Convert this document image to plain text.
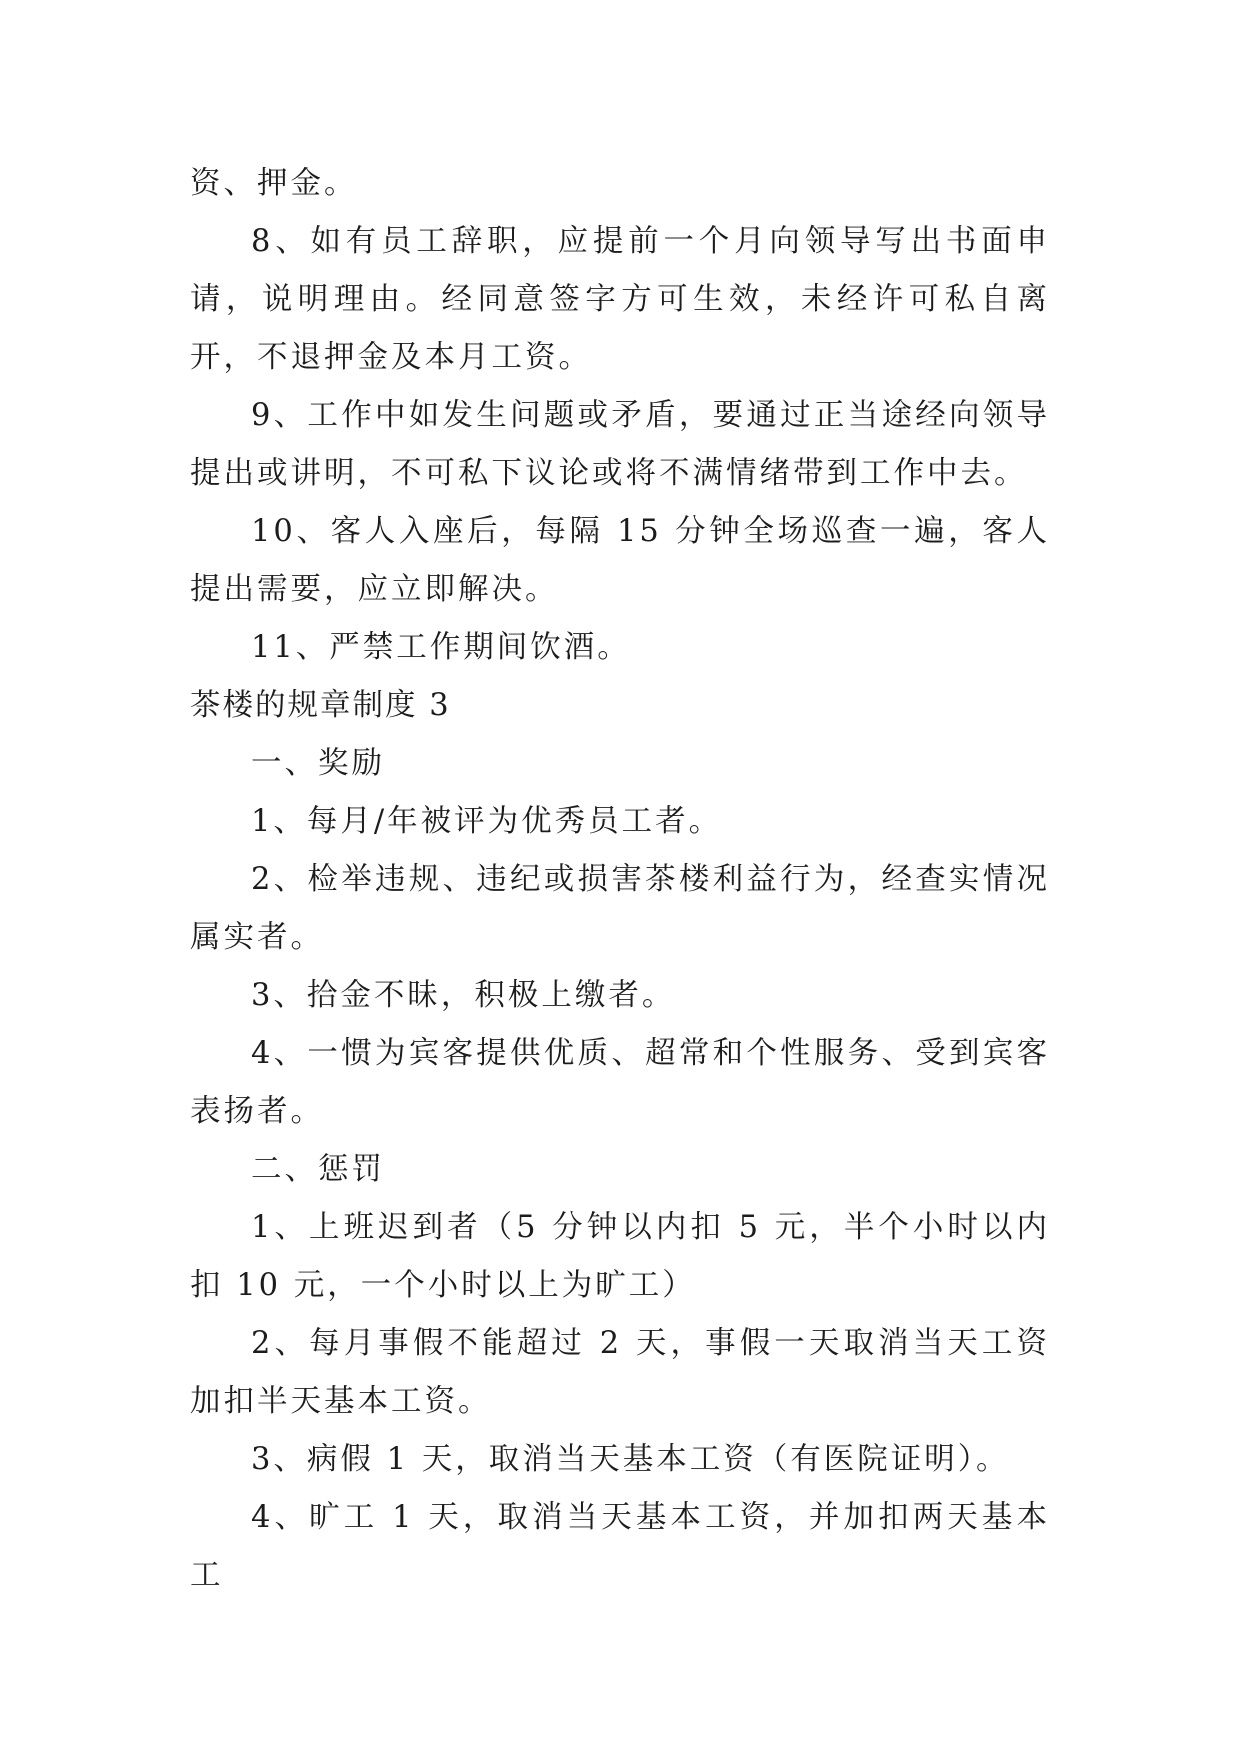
资、押金。

8、如有员工辞职，应提前一个月向领导写出书面申请，说明理由。经同意签字方可生效，未经许可私自离开，不退押金及本月工资。

9、工作中如发生问题或矛盾，要通过正当途经向领导提出或讲明，不可私下议论或将不满情绪带到工作中去。

10、客人入座后，每隔 15 分钟全场巡查一遍，客人提出需要，应立即解决。

11、严禁工作期间饮酒。

茶楼的规章制度 3

一、奖励

1、每月/年被评为优秀员工者。

2、检举违规、违纪或损害茶楼利益行为，经查实情况属实者。

3、拾金不昧，积极上缴者。

4、一惯为宾客提供优质、超常和个性服务、受到宾客表扬者。

二、惩罚

1、上班迟到者（5 分钟以内扣 5 元，半个小时以内扣 10 元，一个小时以上为旷工）

2、每月事假不能超过 2 天，事假一天取消当天工资加扣半天基本工资。

3、病假 1 天，取消当天基本工资（有医院证明）。

4、旷工 1 天，取消当天基本工资，并加扣两天基本工
